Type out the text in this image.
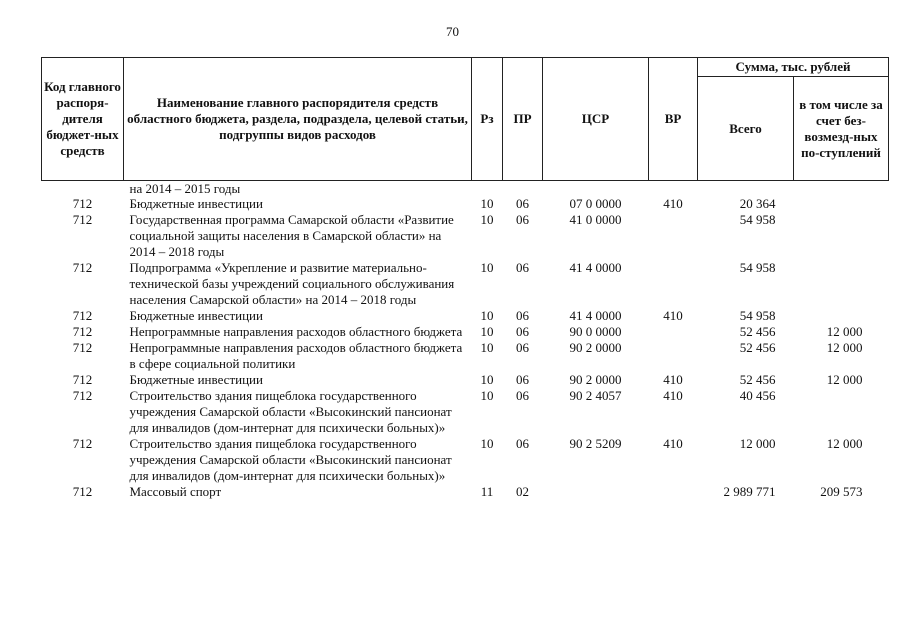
70
Код главного распоря-дителя бюджет-ных средств	Наименование главного распорядителя средств областного бюджета, раздела, подраздела, целевой статьи, подгруппы видов расходов	Рз	ПР	ЦСР	ВР	Сумма, тыс. рублей	
						Всего	в том числе за счет без-возмезд-ных по-ступлений
	на 2014 – 2015 годы						
712	Бюджетные инвестиции	10	06	07 0 0000	410	20 364	
712	Государственная программа Самарской области «Развитие социальной защиты населения в Самарской области» на 2014 – 2018 годы	10	06	41 0 0000		54 958	
712	Подпрограмма «Укрепление и развитие материально-технической базы учреждений социального обслуживания населения Самарской области» на 2014 – 2018 годы	10	06	41 4 0000		54 958	
712	Бюджетные инвестиции	10	06	41 4 0000	410	54 958	
712	Непрограммные направления расходов областного бюджета	10	06	90 0 0000		52 456	12 000
712	Непрограммные направления расходов областного бюджета в сфере социальной политики	10	06	90 2 0000		52 456	12 000
712	Бюджетные инвестиции	10	06	90 2 0000	410	52 456	12 000
712	Строительство здания пищеблока государственного учреждения Самарской области «Высокинский пансионат для инвалидов (дом-интернат для психически больных)»	10	06	90 2 4057	410	40 456	
712	Строительство здания пищеблока государственного учреждения Самарской области «Высокинский пансионат для инвалидов (дом-интернат для психически больных)»	10	06	90 2 5209	410	12 000	12 000
712	Массовый спорт	11	02			2 989 771	209 573
